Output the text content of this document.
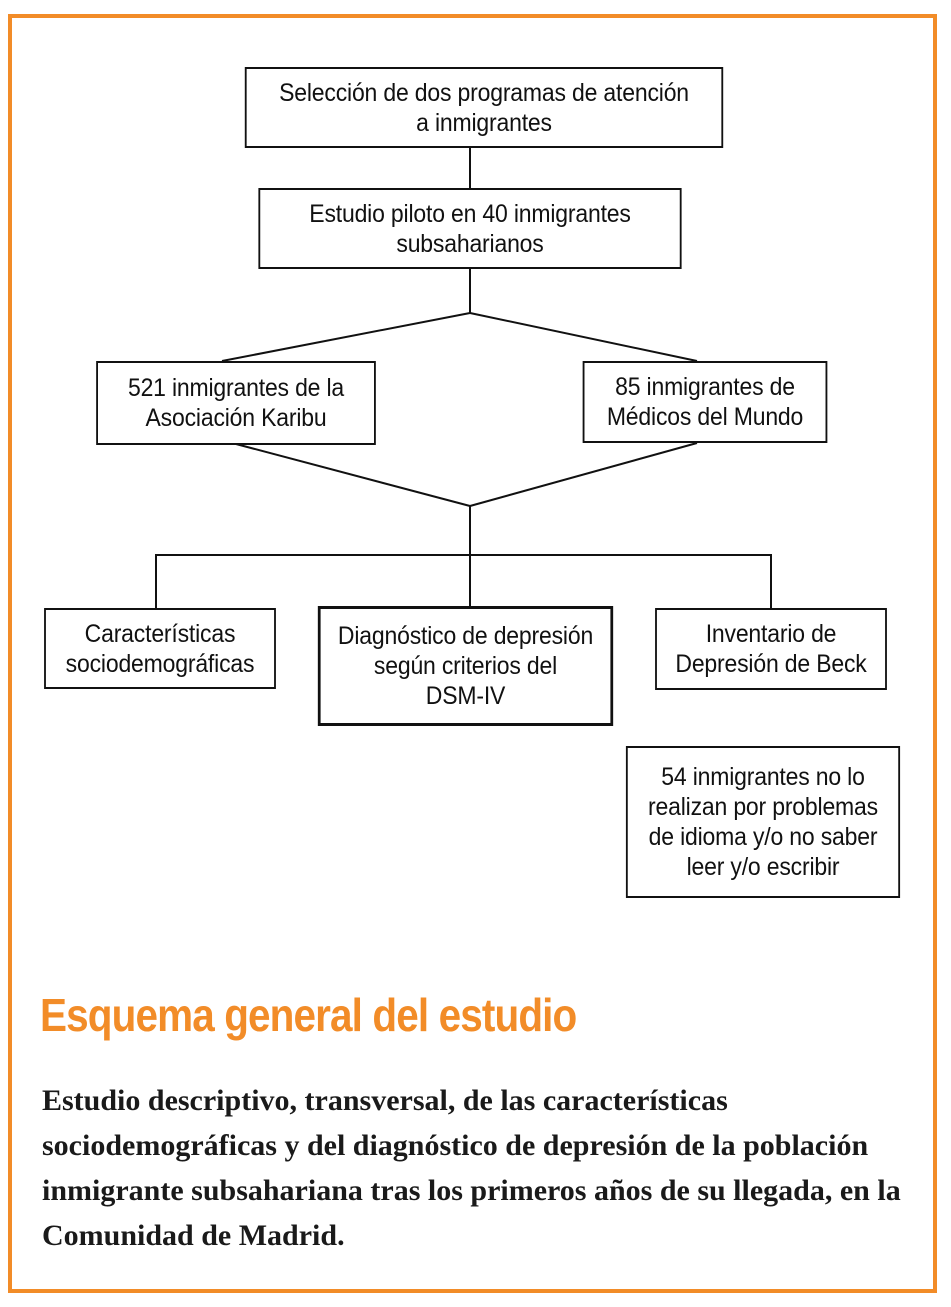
Selección de dos programas de atención
a inmigrantes
Estudio piloto en 40 inmigrantes
subsaharianos
521 inmigrantes de la
Asociación Karibu
85 inmigrantes de
Médicos del Mundo
Características
sociodemográficas
Diagnóstico de depresión
según criterios del
DSM-IV
Inventario de
Depresión de Beck
54 inmigrantes no lo
realizan por problemas
de idioma y/o no saber
leer y/o escribir
Esquema general del estudio
Estudio descriptivo, transversal, de las características sociodemográficas y del diagnóstico de depresión de la población inmigrante subsahariana tras los primeros años de su llegada, en la Comunidad de Madrid.
